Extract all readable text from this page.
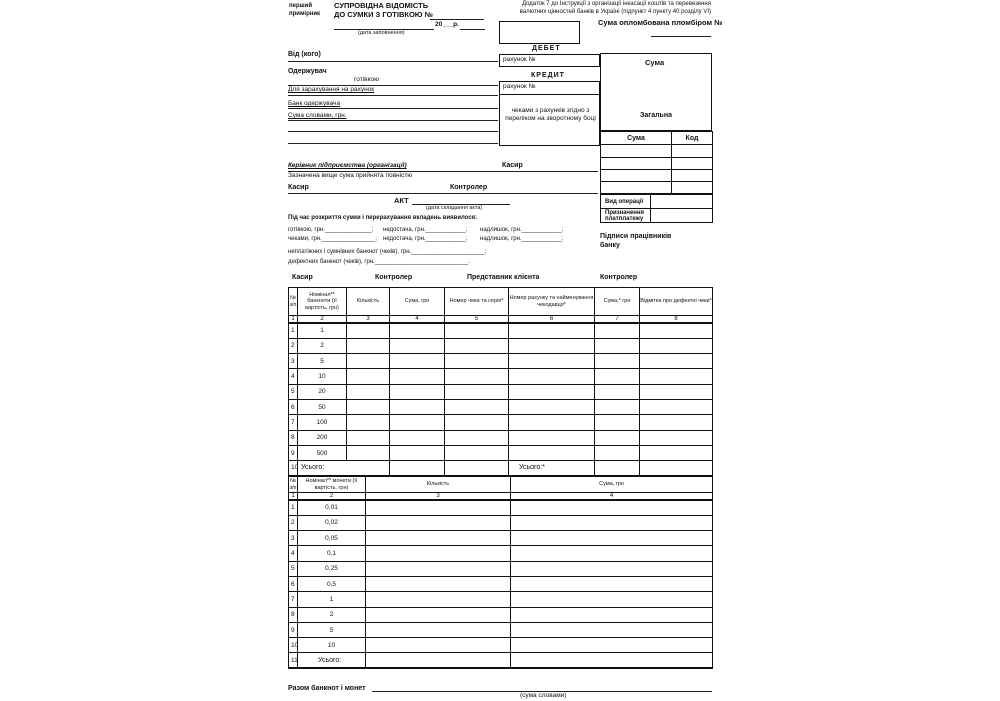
перший примірник
СУПРОВІДНА ВІДОМІСТЬ
ДО СУМКИ З ГОТІВКОЮ №
20___р.
(дата заповнення)
Додаток 7 до Інструкції з організації інкасації коштів та перевезення валютних цінностей банків в Україні (підпункт 4 пункту 40 розділу VI)
Від (кого)
Одержувач
готівкою
Для зарахування на рахунок
Банк одержувача
Сума словами, грн.
Сума опломбована пломбіром №
ДЕБЕТ
рахунок №
КРЕДИТ
рахунок №
чеками з рахунків згідно з переліком на зворотному боці
Сума
Загальна
Сума	Код

Вид операції	
Призначення платплатежу	
Підписи працівників банку
Керівник підприємства (організації)	Касир
Зазначена вище сума прийнята повністю
Касир	Контролер
АКТ
(дата складання акта)
Під час розкриття сумки і перерахування вкладень виявилося:
готівкою, грн.______________; недостача, грн.____________; надлишок, грн.____________;
чеками, грн.________________; недостача, грн.____________; надлишок, грн.____________;
неплатіжних і сумнівних банкнот (чеків), грн.______________________;
дефектних банкнот (чеків), грн.____________________________.
Касир	Контролер	Представник клієнта	Контролер
№ з/п	Номінал** банкноти (її вартість, грн)	Кількість	Сума, грн	Номер чека та серія*	Номер рахунку та найменування чекодавця*	Сума,* грн	Відмітка про дефектні чеки*
1	2	3	4	5	6	7	8
1	1						
2	2						
3	5						
4	10						
5	20						
6	50						
7	100						
8	200						
9	500						
10	Усього:				Усього:*		
№ з/п	Номінал** монети (її вартість, грн)	Кількість	Сума, грн
1	2	3	4
1	0,01		
2	0,02		
3	0,05		
4	0,1		
5	0,25		
6	0,5		
7	1		
8	2		
9	5		
10	10		
11	Усього:		
Разом банкнот і монет
(сума словами)
